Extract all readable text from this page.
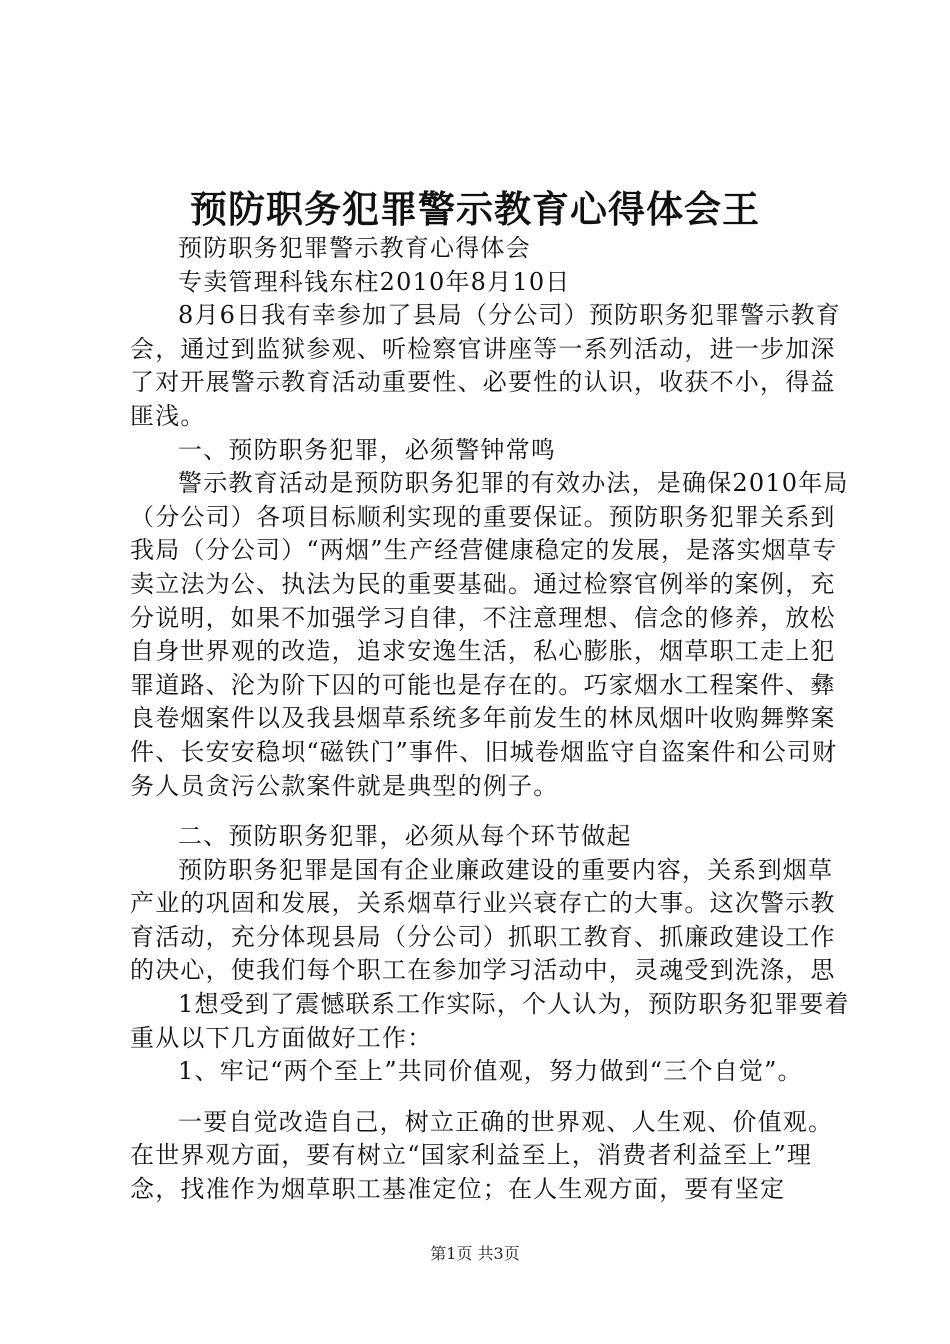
预防职务犯罪警示教育心得体会王

预防职务犯罪警示教育心得体会

专卖管理科钱东柱2010年8月10日

8月6日我有幸参加了县局（分公司）预防职务犯罪警示教育会，通过到监狱参观、听检察官讲座等一系列活动，进一步加深了对开展警示教育活动重要性、必要性的认识，收获不小，得益匪浅。

一、预防职务犯罪，必须警钟常鸣

警示教育活动是预防职务犯罪的有效办法，是确保2010年局（分公司）各项目标顺利实现的重要保证。预防职务犯罪关系到我局（分公司）“两烟”生产经营健康稳定的发展，是落实烟草专卖立法为公、执法为民的重要基础。通过检察官例举的案例，充分说明，如果不加强学习自律，不注意理想、信念的修养，放松自身世界观的改造，追求安逸生活，私心膨胀，烟草职工走上犯罪道路、沦为阶下囚的可能也是存在的。巧家烟水工程案件、彝良卷烟案件以及我县烟草系统多年前发生的林凤烟叶收购舞弊案件、长安安稳坝“磁铁门”事件、旧城卷烟监守自盗案件和公司财务人员贪污公款案件就是典型的例子。

二、预防职务犯罪，必须从每个环节做起

预防职务犯罪是国有企业廉政建设的重要内容，关系到烟草产业的巩固和发展，关系烟草行业兴衰存亡的大事。这次警示教育活动，充分体现县局（分公司）抓职工教育、抓廉政建设工作的决心，使我们每个职工在参加学习活动中，灵魂受到洗涤，思

1想受到了震憾联系工作实际，个人认为，预防职务犯罪要着重从以下几方面做好工作：

1、牢记“两个至上”共同价值观，努力做到“三个自觉”。

一要自觉改造自己，树立正确的世界观、人生观、价值观。在世界观方面，要有树立“国家利益至上，消费者利益至上”理念，找准作为烟草职工基准定位；在人生观方面，要有坚定

第1页 共3页
